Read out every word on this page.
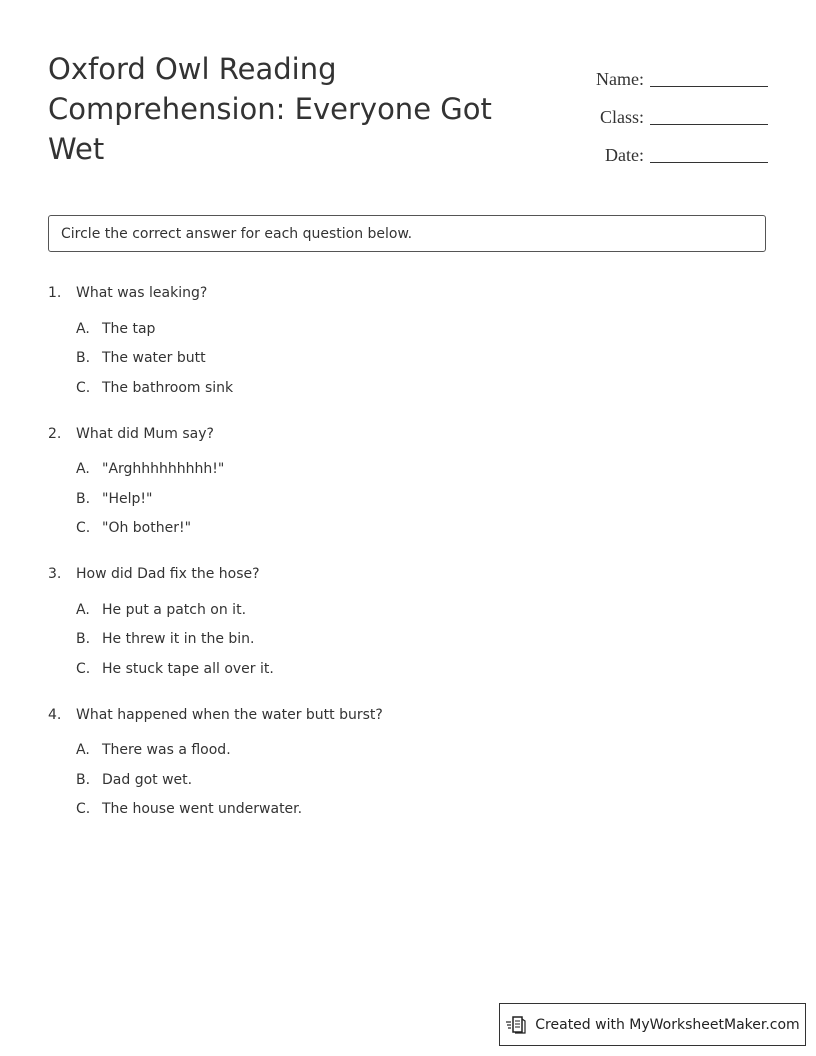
Oxford Owl Reading Comprehension: Everyone Got Wet
Name:
Class:
Date:
Circle the correct answer for each question below.
1.	What was leaking?
A. The tap
B. The water butt
C. The bathroom sink
2.	What did Mum say?
A. "Arghhhhhhhhh!"
B. "Help!"
C. "Oh bother!"
3.	How did Dad fix the hose?
A. He put a patch on it.
B. He threw it in the bin.
C. He stuck tape all over it.
4.	What happened when the water butt burst?
A. There was a flood.
B. Dad got wet.
C. The house went underwater.
Created with MyWorksheetMaker.com
